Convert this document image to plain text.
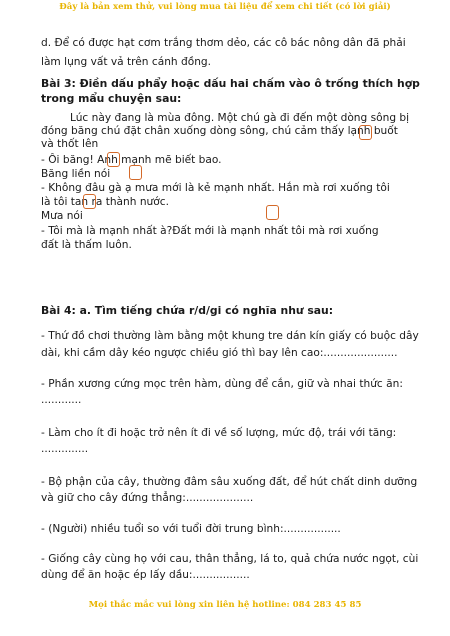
Đây là bản xem thử, vui lòng mua tài liệu để xem chi tiết (có lời giải)
d. Để có được hạt cơm trắng thơm dẻo, các cô bác nông dân đã phải
làm lụng vất vả trên cánh đồng.
Bài 3: Điền dấu phẩy hoặc dấu hai chấm vào ô trống thích hợp
trong mẩu chuyện sau:
Lúc này đang là mùa đông. Một chú gà đi đến một dòng sông bị
đóng băng chú đặt chân xuống dòng sông, chú cảm thấy lạnh buốt
và thốt lên
- Ôi băng! Anh mạnh mẽ biết bao.
Băng liền nói
- Không đâu gà ạ mưa mới là kẻ mạnh nhất. Hắn mà rơi xuống tôi
là tôi tan ra thành nước.
Mưa nói
- Tôi mà là mạnh nhất à?Đất mới là mạnh nhất tôi mà rơi xuống
đất là thấm luôn.
Bài 4: a. Tìm tiếng chứa r/d/gi có nghĩa như sau:
- Thứ đồ chơi thường làm bằng một khung tre dán kín giấy có buộc dây
dài, khi cầm dây kéo ngược chiều gió thì bay lên cao:......................
- Phần xương cứng mọc trên hàm, dùng để cắn, giữ và nhai thức ăn:
............
- Làm cho ít đi hoặc trở nên ít đi về số lượng, mức độ, trái với tăng:
..............
- Bộ phận của cây, thường đâm sâu xuống đất, để hút chất dinh dưỡng
và giữ cho cây đứng thẳng:....................
- (Người) nhiều tuổi so với tuổi đời trung bình:.................
- Giống cây cùng họ với cau, thân thẳng, lá to, quả chứa nước ngọt, cùi
dùng để ăn hoặc ép lấy dầu:.................
Mọi thắc mắc vui lòng xin liên hệ hotline: 084 283 45 85
